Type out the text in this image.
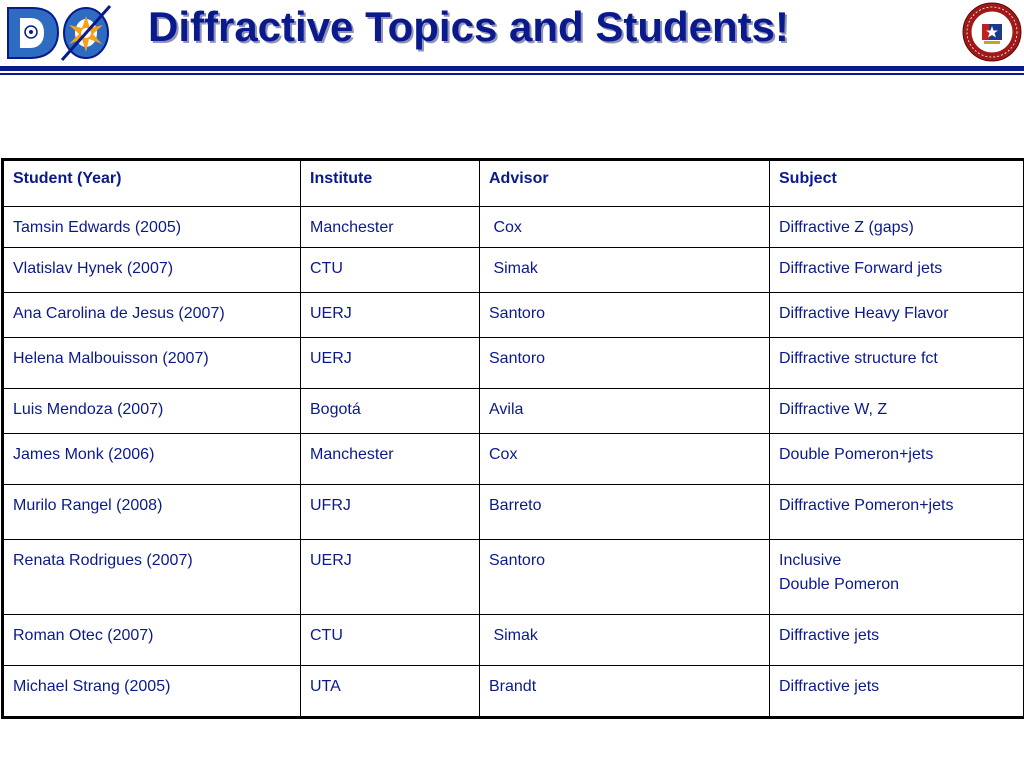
Diffractive Topics and Students!
Student (Year)	Institute	Advisor	Subject
Tamsin Edwards (2005)	Manchester	Cox	Diffractive Z (gaps)

Vlatislav Hynek (2007)	CTU	Simak	Diffractive Forward jets

Ana Carolina de Jesus (2007)	UERJ	Santoro	Diffractive Heavy Flavor

Helena Malbouisson (2007)	UERJ	Santoro	Diffractive structure fct

Luis Mendoza (2007)	Bogotá	Avila	Diffractive W, Z

James Monk (2006)	Manchester	Cox	Double Pomeron+jets

Murilo Rangel (2008)	UFRJ	Barreto	Diffractive Pomeron+jets

Renata Rodrigues (2007)	UERJ	Santoro	Inclusive
Double Pomeron

Roman Otec (2007)	CTU	Simak	Diffractive jets

Michael Strang (2005)	UTA	Brandt	Diffractive jets
